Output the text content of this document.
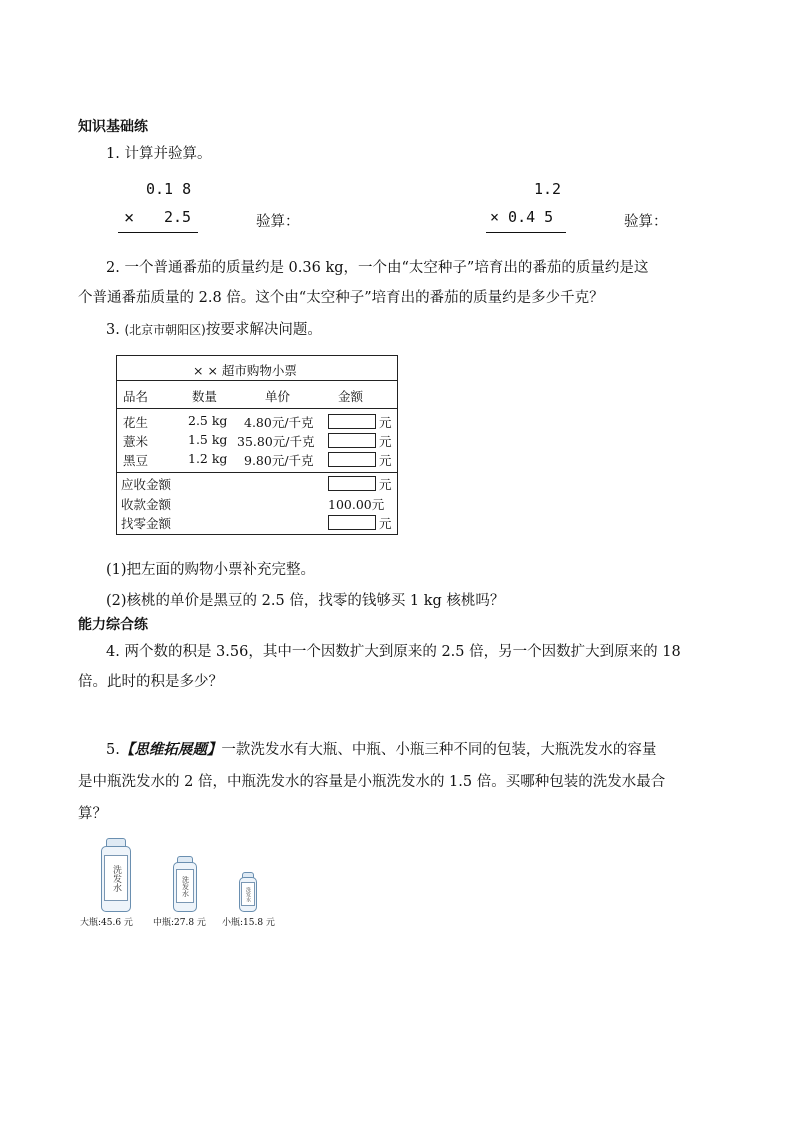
知识基础练
1. 计算并验算。
0.1 8
× 2.5	验算：
1.2
× 0.4 5	验算：
2. 一个普通番茄的质量约是 0.36 kg，一个由“太空种子”培育出的番茄的质量约是这
个普通番茄质量的 2.8 倍。这个由“太空种子”培育出的番茄的质量约是多少千克？
3. (北京市朝阳区)按要求解决问题。
× × 超市购物小票
品名	数量	单价	金额
花生	2.5 kg 4.80元/千克	元
薏米	1.5 kg 35.80元/千克	元
黑豆	1.2 kg 9.80元/千克	元
应收金额	元
收款金额	100.00元
找零金额	元
(1)把左面的购物小票补充完整。
(2)核桃的单价是黑豆的 2.5 倍，找零的钱够买 1 kg 核桃吗？
能力综合练
4. 两个数的积是 3.56，其中一个因数扩大到原来的 2.5 倍，另一个因数扩大到原来的 18
倍。此时的积是多少？
5.【思维拓展题】一款洗发水有大瓶、中瓶、小瓶三种不同的包装，大瓶洗发水的容量
是中瓶洗发水的 2 倍，中瓶洗发水的容量是小瓶洗发水的 1.5 倍。买哪种包装的洗发水最合
算？
洗发水
大瓶:45.6 元
洗发水
中瓶:27.8 元
洗发水
小瓶:15.8 元
